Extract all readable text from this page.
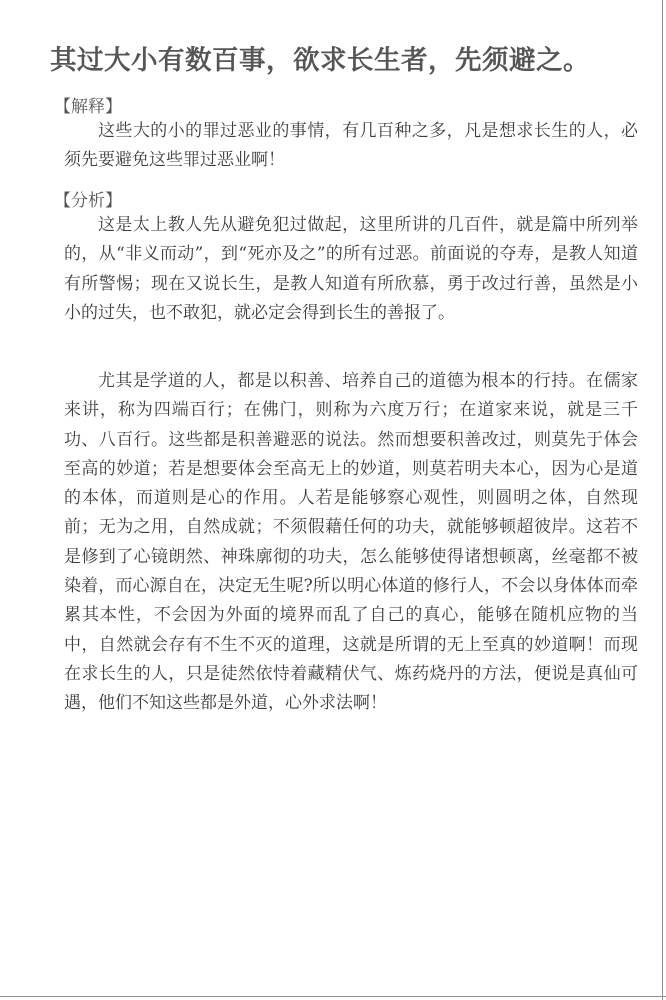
其过大小有数百事，欲求长生者，先须避之。
【解释】

这些大的小的罪过恶业的事情，有几百种之多，凡是想求长生的人，必须先要避免这些罪过恶业啊！

【分析】

这是太上教人先从避免犯过做起，这里所讲的几百件，就是篇中所列举的，从“非义而动”，到“死亦及之”的所有过恶。前面说的夺寿，是教人知道有所警惕；现在又说长生，是教人知道有所欣慕，勇于改过行善，虽然是小小的过失，也不敢犯，就必定会得到长生的善报了。

尤其是学道的人，都是以积善、培养自己的道德为根本的行持。在儒家来讲，称为四端百行；在佛门，则称为六度万行；在道家来说，就是三千功、八百行。这些都是积善避恶的说法。然而想要积善改过，则莫先于体会至高的妙道；若是想要体会至高无上的妙道，则莫若明夫本心，因为心是道的本体，而道则是心的作用。人若是能够察心观性，则圆明之体，自然现前；无为之用，自然成就；不须假藉任何的功夫，就能够顿超彼岸。这若不是修到了心镜朗然、神珠廓彻的功夫，怎么能够使得诸想顿离，丝毫都不被染着，而心源自在，决定无生呢?所以明心体道的修行人，不会以身体体而牵累其本性，不会因为外面的境界而乱了自己的真心，能够在随机应物的当中，自然就会存有不生不灭的道理，这就是所谓的无上至真的妙道啊！而现在求长生的人，只是徒然依恃着藏精伏气、炼药烧丹的方法，便说是真仙可遇，他们不知这些都是外道，心外求法啊！
